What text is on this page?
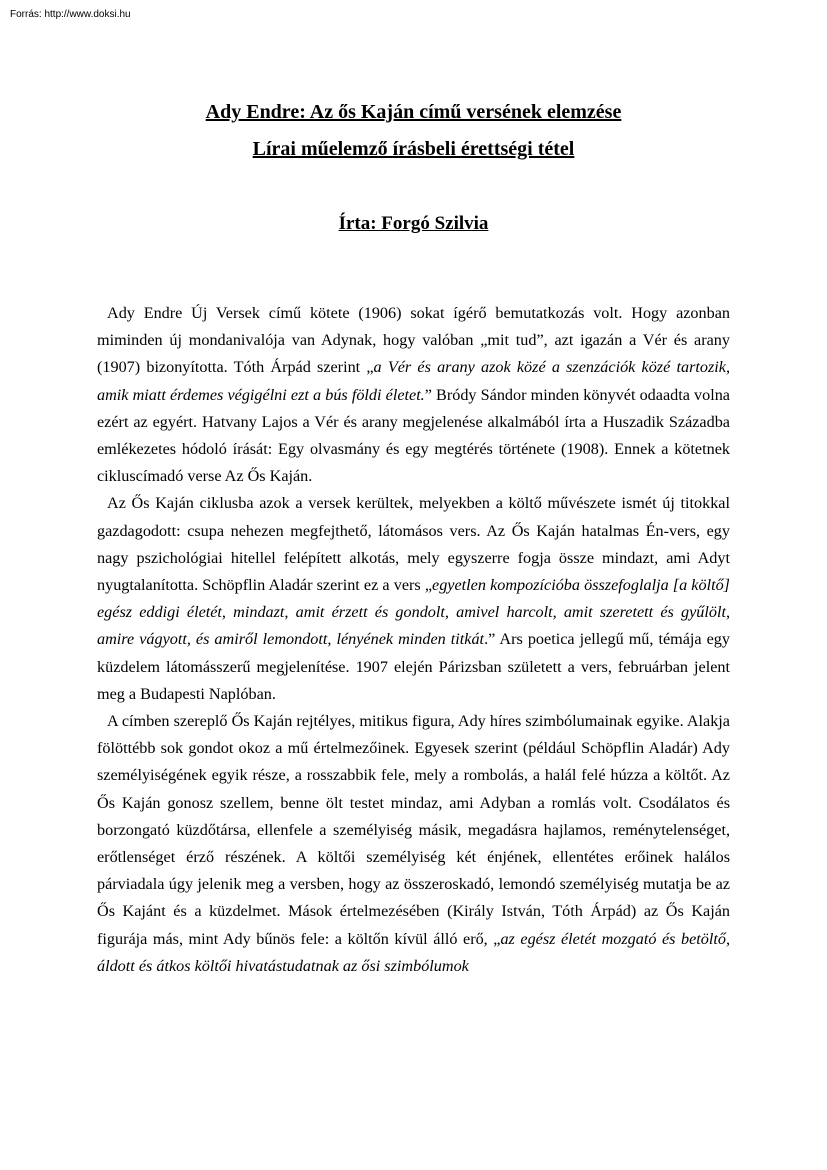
Forrás: http://www.doksi.hu
Ady Endre: Az ős Kaján című versének elemzése
Lírai műelemző írásbeli érettségi tétel
Írta: Forgó Szilvia

Ady Endre Új Versek című kötete (1906) sokat ígérő bemutatkozás volt. Hogy azonban miminden új mondanivalója van Adynak, hogy valóban „mit tud”, azt igazán a Vér és arany (1907) bizonyította. Tóth Árpád szerint „a Vér és arany azok közé a szenzációk közé tartozik, amik miatt érdemes végigélni ezt a bús földi életet.” Bródy Sándor minden könyvét odaadta volna ezért az egyért. Hatvany Lajos a Vér és arany megjelenése alkalmából írta a Huszadik Századba emlékezetes hódoló írását: Egy olvasmány és egy megtérés története (1908). Ennek a kötetnek cikluscímadó verse Az Ős Kaján.

Az Ős Kaján ciklusba azok a versek kerültek, melyekben a költő művészete ismét új titokkal gazdagodott: csupa nehezen megfejthető, látomásos vers. Az Ős Kaján hatalmas Én-vers, egy nagy pszichológiai hitellel felépített alkotás, mely egyszerre fogja össze mindazt, ami Adyt nyugtalanította. Schöpflin Aladár szerint ez a vers „egyetlen kompozícióba összefoglalja [a költő] egész eddigi életét, mindazt, amit érzett és gondolt, amivel harcolt, amit szeretett és gyűlölt, amire vágyott, és amiről lemondott, lényének minden titkát.” Ars poetica jellegű mű, témája egy küzdelem látomásszerű megjelenítése. 1907 elején Párizsban született a vers, februárban jelent meg a Budapesti Naplóban.

A címben szereplő Ős Kaján rejtélyes, mitikus figura, Ady híres szimbólumainak egyike. Alakja fölöttébb sok gondot okoz a mű értelmezőinek. Egyesek szerint (például Schöpflin Aladár) Ady személyiségének egyik része, a rosszabbik fele, mely a rombolás, a halál felé húzza a költőt. Az Ős Kaján gonosz szellem, benne ölt testet mindaz, ami Adyban a romlás volt. Csodálatos és borzongató küzdőtársa, ellenfele a személyiség másik, megadásra hajlamos, reménytelenséget, erőtlenséget érző részének. A költői személyiség két énjének, ellentétes erőinek halálos párviadala úgy jelenik meg a versben, hogy az összeroskadó, lemondó személyiség mutatja be az Ős Kajánt és a küzdelmet. Mások értelmezésében (Király István, Tóth Árpád) az Ős Kaján figurája más, mint Ady bűnös fele: a költőn kívül álló erő, „az egész életét mozgató és betöltő, áldott és átkos költői hivatástudatnak az ősi szimbólumok
